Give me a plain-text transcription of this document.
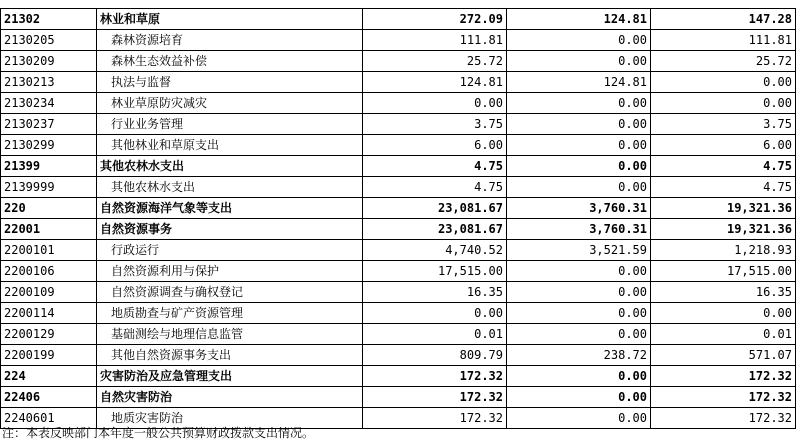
21302	林业和草原	272.09	124.81	147.28
2130205	森林资源培育	111.81	0.00	111.81
2130209	森林生态效益补偿	25.72	0.00	25.72
2130213	执法与监督	124.81	124.81	0.00
2130234	林业草原防灾减灾	0.00	0.00	0.00
2130237	行业业务管理	3.75	0.00	3.75
2130299	其他林业和草原支出	6.00	0.00	6.00
21399	其他农林水支出	4.75	0.00	4.75
2139999	其他农林水支出	4.75	0.00	4.75
220	自然资源海洋气象等支出	23,081.67	3,760.31	19,321.36
22001	自然资源事务	23,081.67	3,760.31	19,321.36
2200101	行政运行	4,740.52	3,521.59	1,218.93
2200106	自然资源利用与保护	17,515.00	0.00	17,515.00
2200109	自然资源调查与确权登记	16.35	0.00	16.35
2200114	地质勘查与矿产资源管理	0.00	0.00	0.00
2200129	基础测绘与地理信息监管	0.01	0.00	0.01
2200199	其他自然资源事务支出	809.79	238.72	571.07
224	灾害防治及应急管理支出	172.32	0.00	172.32
22406	自然灾害防治	172.32	0.00	172.32
2240601	地质灾害防治	172.32	0.00	172.32
注：本表反映部门本年度一般公共预算财政拨款支出情况。
